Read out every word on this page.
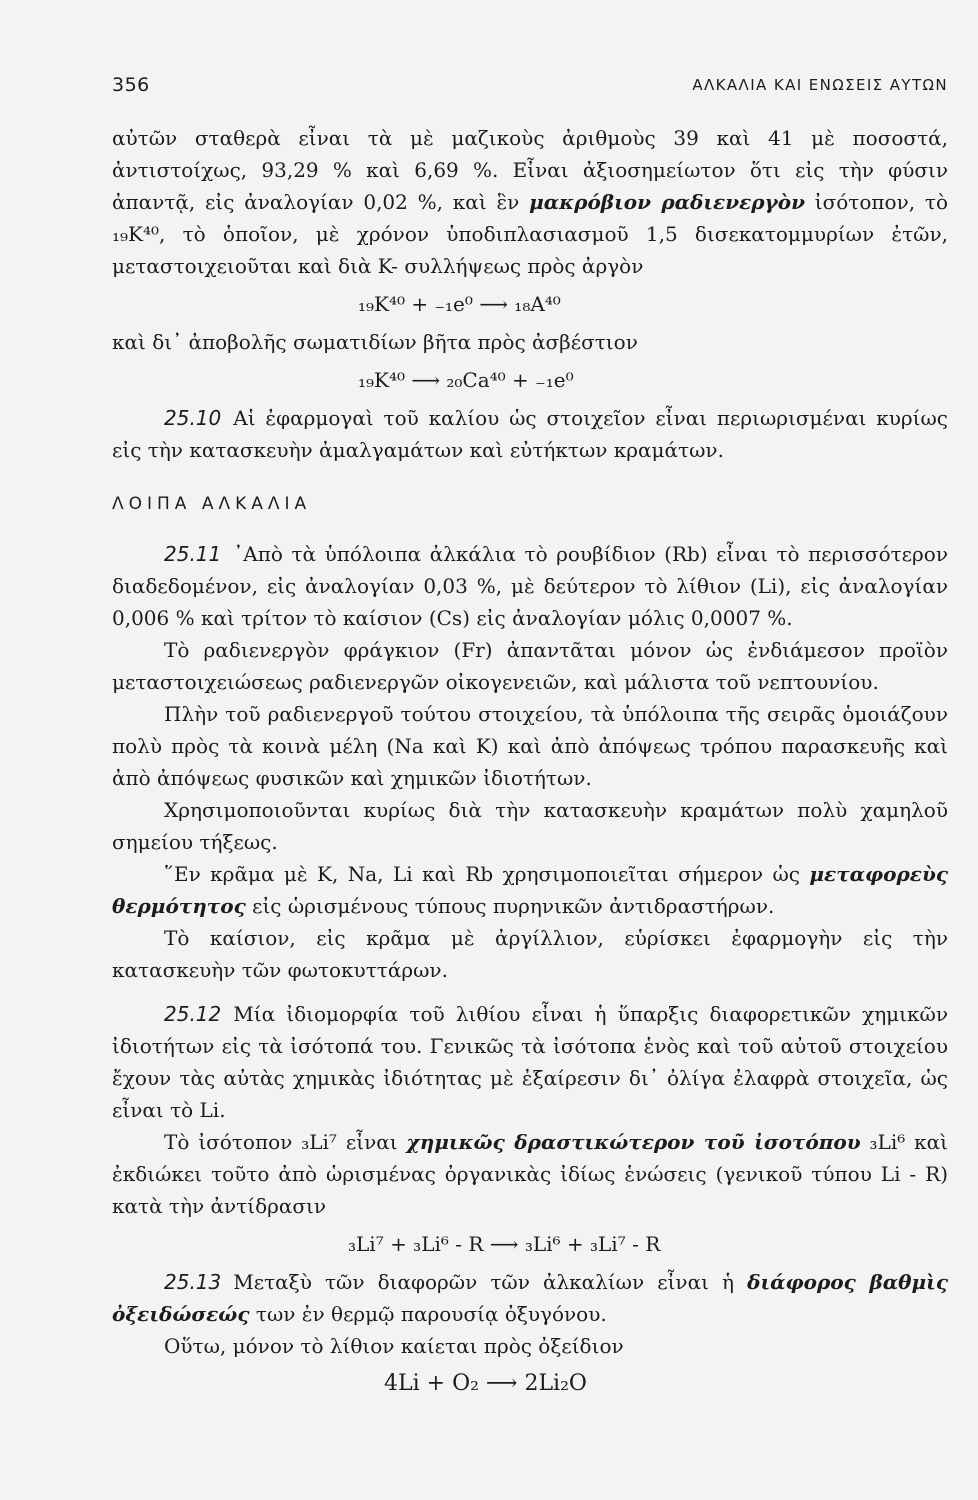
356	ΑΛΚΑΛΙΑ ΚΑΙ ΕΝΩΣΕΙΣ ΑΥΤΩΝ

αὐτῶν σταθερὰ εἶναι τὰ μὲ μαζικοὺς ἀριθμοὺς 39 καὶ 41 μὲ ποσοστά, ἀντιστοίχως, 93,29 % καὶ 6,69 %. Εἶναι ἀξιοσημείωτον ὅτι εἰς τὴν φύσιν ἀπαντᾷ, εἰς ἀναλογίαν 0,02 %, καὶ ἓν μακρόβιον ραδιενεργὸν ἰσότοπον, τὸ ₁₉K⁴⁰, τὸ ὁποῖον, μὲ χρόνον ὑποδιπλασιασμοῦ 1,5 δισεκατομμυρίων ἐτῶν, μεταστοιχειοῦται καὶ διὰ K- συλλήψεως πρὸς ἀργὸν

₁₉K⁴⁰ + ₋₁e⁰ ⟶ ₁₈A⁴⁰

καὶ δι᾽ ἀποβολῆς σωματιδίων βῆτα πρὸς ἀσβέστιον

₁₉K⁴⁰ ⟶ ₂₀Ca⁴⁰ + ₋₁e⁰

25.10 Αἱ ἐφαρμογαὶ τοῦ καλίου ὡς στοιχεῖον εἶναι περιωρισμέναι κυρίως εἰς τὴν κατασκευὴν ἀμαλγαμάτων καὶ εὐτήκτων κραμάτων.

ΛΟΙΠΑ ΑΛΚΑΛΙΑ

25.11 ᾽Απὸ τὰ ὑπόλοιπα ἀλκάλια τὸ ρουβίδιον (Rb) εἶναι τὸ περισσότερον διαδεδομένον, εἰς ἀναλογίαν 0,03 %, μὲ δεύτερον τὸ λίθιον (Li), εἰς ἀναλογίαν 0,006 % καὶ τρίτον τὸ καίσιον (Cs) εἰς ἀναλογίαν μόλις 0,0007 %.

Τὸ ραδιενεργὸν φράγκιον (Fr) ἀπαντᾶται μόνον ὡς ἐνδιάμεσον προϊὸν μεταστοιχειώσεως ραδιενεργῶν οἰκογενειῶν, καὶ μάλιστα τοῦ νεπτουνίου.

Πλὴν τοῦ ραδιενεργοῦ τούτου στοιχείου, τὰ ὑπόλοιπα τῆς σειρᾶς ὁμοιάζουν πολὺ πρὸς τὰ κοινὰ μέλη (Na καὶ K) καὶ ἀπὸ ἀπόψεως τρόπου παρασκευῆς καὶ ἀπὸ ἀπόψεως φυσικῶν καὶ χημικῶν ἰδιοτήτων.

Χρησιμοποιοῦνται κυρίως διὰ τὴν κατασκευὴν κραμάτων πολὺ χαμηλοῦ σημείου τήξεως.

῞Εν κρᾶμα μὲ K, Na, Li καὶ Rb χρησιμοποιεῖται σήμερον ὡς μεταφορεὺς θερμότητος εἰς ὡρισμένους τύπους πυρηνικῶν ἀντιδραστήρων.

Τὸ καίσιον, εἰς κρᾶμα μὲ ἀργίλλιον, εὑρίσκει ἐφαρμογὴν εἰς τὴν κατασκευὴν τῶν φωτοκυττάρων.

25.12 Μία ἰδιομορφία τοῦ λιθίου εἶναι ἡ ὕπαρξις διαφορετικῶν χημικῶν ἰδιοτήτων εἰς τὰ ἰσότοπά του. Γενικῶς τὰ ἰσότοπα ἑνὸς καὶ τοῦ αὐτοῦ στοιχείου ἔχουν τὰς αὐτὰς χημικὰς ἰδιότητας μὲ ἐξαίρεσιν δι᾽ ὀλίγα ἐλαφρὰ στοιχεῖα, ὡς εἶναι τὸ Li.

Τὸ ἰσότοπον ₃Li⁷ εἶναι χημικῶς δραστικώτερον τοῦ ἰσοτόπου ₃Li⁶ καὶ ἐκδιώκει τοῦτο ἀπὸ ὡρισμένας ὀργανικὰς ἰδίως ἑνώσεις (γενικοῦ τύπου Li - R) κατὰ τὴν ἀντίδρασιν

₃Li⁷ + ₃Li⁶ - R ⟶ ₃Li⁶ + ₃Li⁷ - R

25.13 Μεταξὺ τῶν διαφορῶν τῶν ἀλκαλίων εἶναι ἡ διάφορος βαθμὶς ὀξειδώσεώς των ἐν θερμῷ παρουσίᾳ ὀξυγόνου.

Οὕτω, μόνον τὸ λίθιον καίεται πρὸς ὀξείδιον

4Li + O₂ ⟶ 2Li₂O
